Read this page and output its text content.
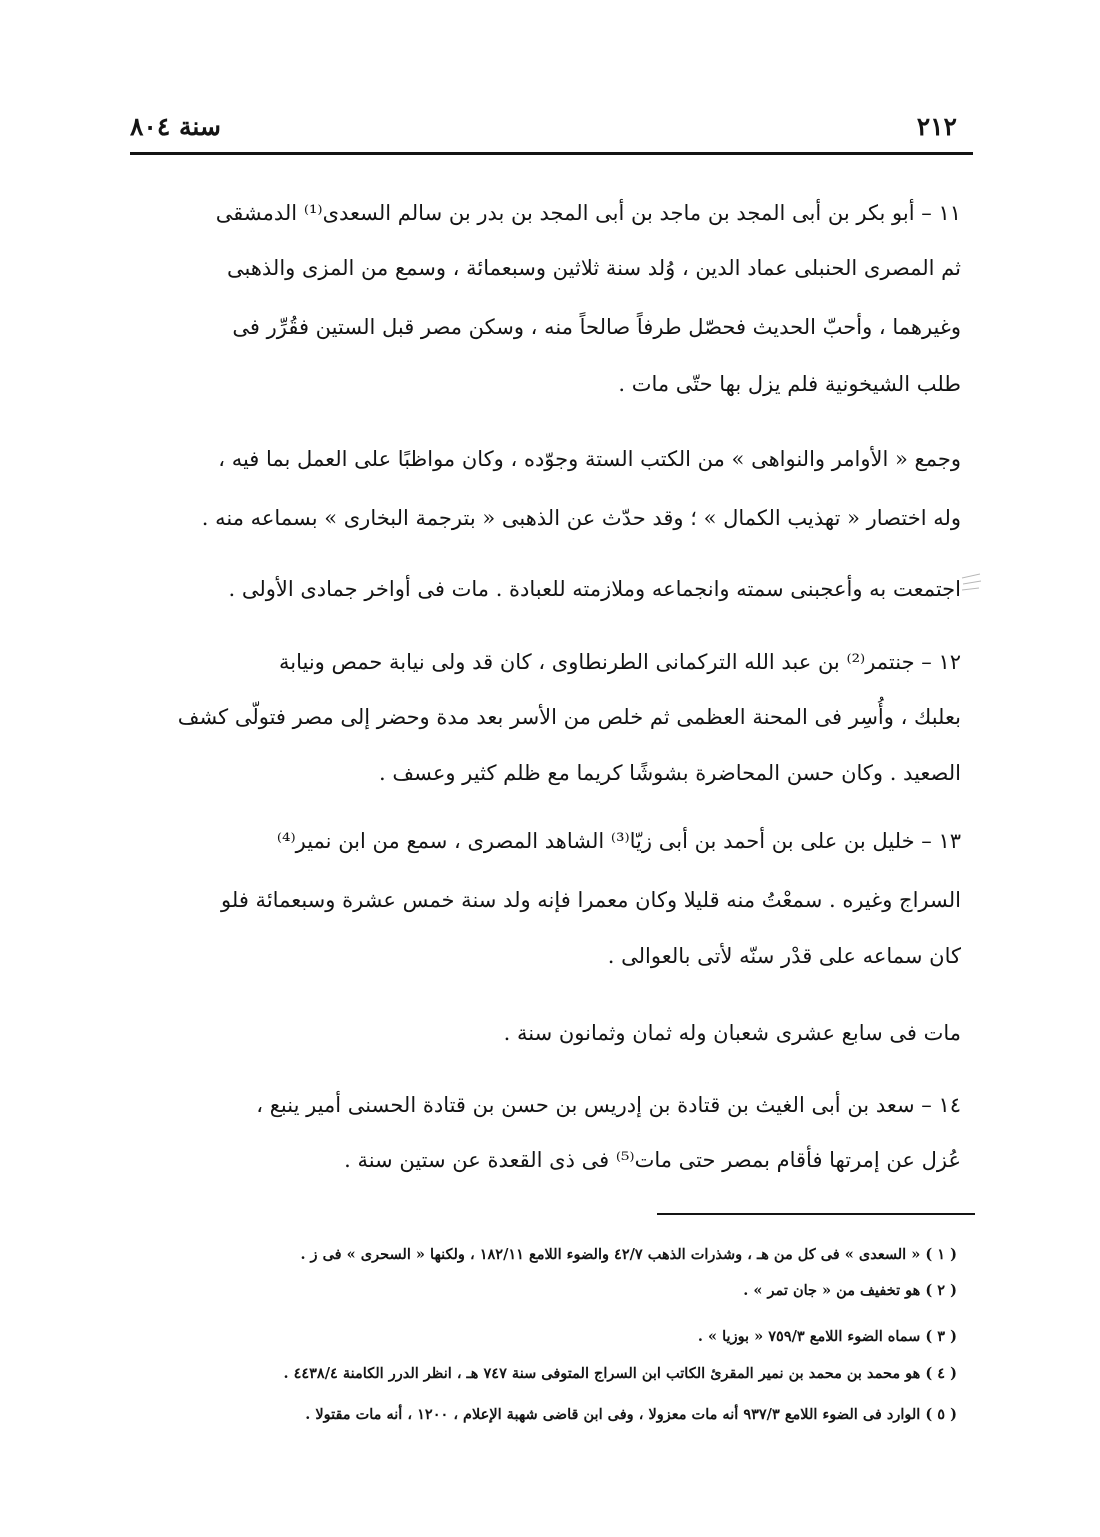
٢١٢
سنة ٨٠٤
١١ – أبو بكر بن أبى المجد بن ماجد بن أبى المجد بن بدر بن سالم السعدى⁽¹⁾ الدمشقى
ثم المصرى الحنبلى عماد الدين ، وُلد سنة ثلاثين وسبعمائة ، وسمع من المزى والذهبى
وغيرهما ، وأحبّ الحديث فحصّل طرفاً صالحاً منه ، وسكن مصر قبل الستين فقُرِّر فى
طلب الشيخونية فلم يزل بها حتّى مات .
وجمع « الأوامر والنواهى » من الكتب الستة وجوّده ، وكان مواظبًا على العمل بما فيه ،
وله اختصار « تهذيب الكمال » ؛ وقد حدّث عن الذهبى « بترجمة البخارى » بسماعه منه .
اجتمعت به وأعجبنى سمته وانجماعه وملازمته للعبادة . مات فى أواخر جمادى الأولى .
١٢ – جنتمر⁽²⁾ بن عبد الله التركمانى الطرنطاوى ، كان قد ولى نيابة حمص ونيابة
بعلبك ، وأُسِر فى المحنة العظمى ثم خلص من الأسر بعد مدة وحضر إلى مصر فتولّى كشف
الصعيد . وكان حسن المحاضرة بشوشًا كريما مع ظلم كثير وعسف .
١٣ – خليل بن على بن أحمد بن أبى زيّا⁽³⁾ الشاهد المصرى ، سمع من ابن نمير⁽⁴⁾
السراج وغيره . سمعْتُ منه قليلا وكان معمرا فإنه ولد سنة خمس عشرة وسبعمائة فلو
كان سماعه على قدْر سنّه لأتى بالعوالى .
مات فى سابع عشرى شعبان وله ثمان وثمانون سنة .
١٤ – سعد بن أبى الغيث بن قتادة بن إدريس بن حسن بن قتادة الحسنى أمير ينبع ،
عُزل عن إمرتها فأقام بمصر حتى مات⁽⁵⁾ فى ذى القعدة عن ستين سنة .
( ١ ) « السعدى » فى كل من هـ ، وشذرات الذهب ٤٢/٧ والضوء اللامع ١٨٢/١١ ، ولكنها « السحرى » فى ز .
( ٢ ) هو تخفيف من « جان تمر » .
( ٣ ) سماه الضوء اللامع ٧٥٩/٣ « بوزيا » .
( ٤ ) هو محمد بن محمد بن نمير المقرئ الكاتب ابن السراج المتوفى سنة ٧٤٧ هـ ، انظر الدرر الكامنة ٤٤٣٨/٤ .
( ٥ ) الوارد فى الضوء اللامع ٩٣٧/٣ أنه مات معزولا ، وفى ابن قاضى شهبة الإعلام ، ١٢٠٠ ، أنه مات مقتولا .
